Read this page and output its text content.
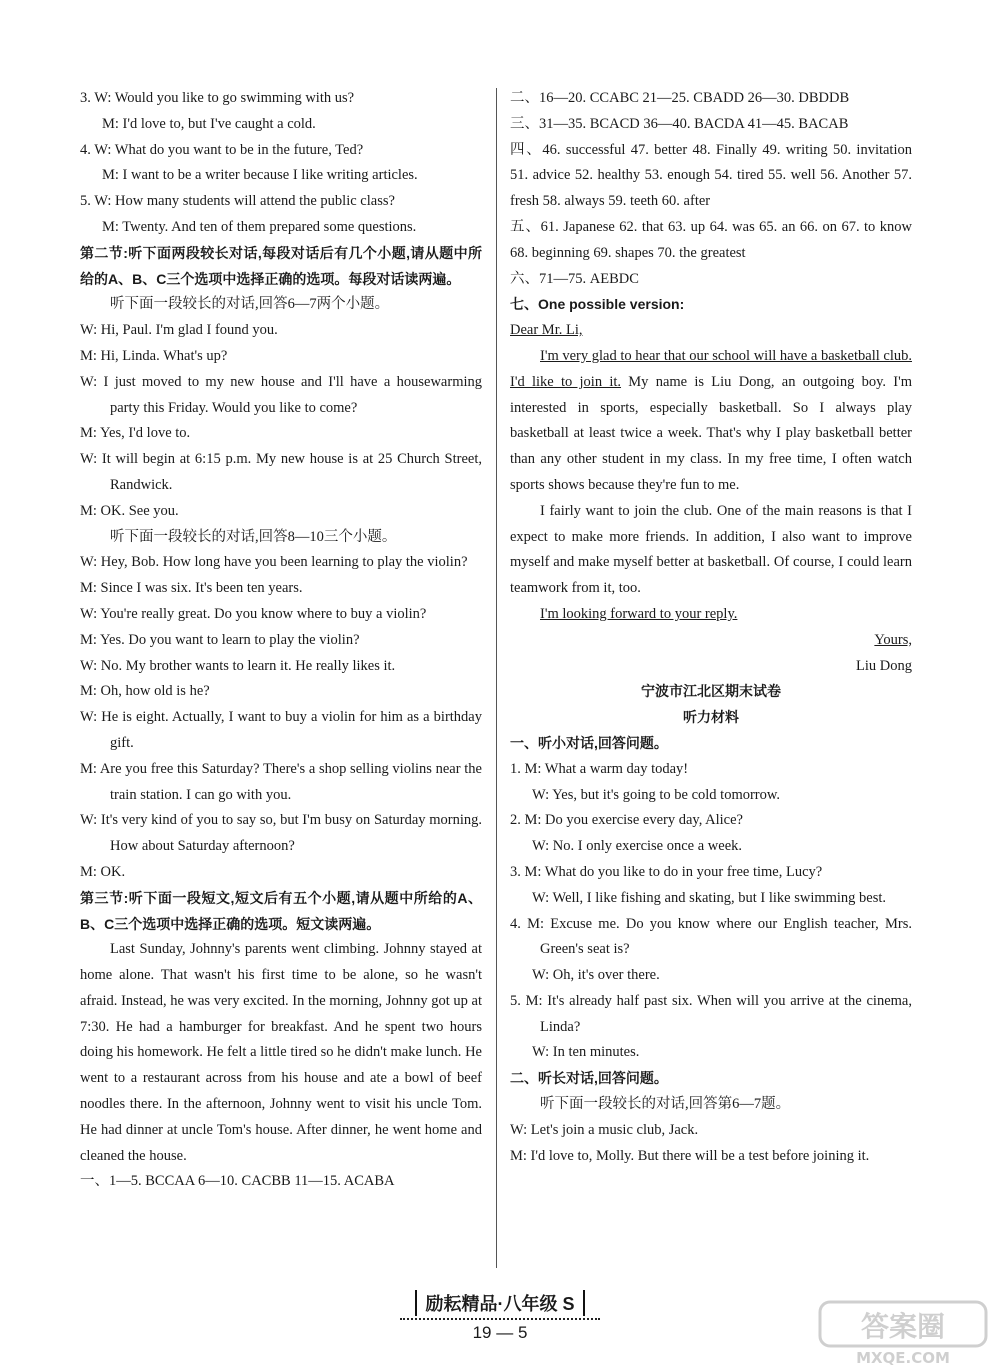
3. W: Would you like to go swimming with us?

M: I'd love to, but I've caught a cold.

4. W: What do you want to be in the future, Ted?

M: I want to be a writer because I like writing articles.

5. W: How many students will attend the public class?

M: Twenty. And ten of them prepared some questions.

第二节:听下面两段较长对话,每段对话后有几个小题,请从题中所给的A、B、C三个选项中选择正确的选项。每段对话读两遍。

听下面一段较长的对话,回答6—7两个小题。

W: Hi, Paul. I'm glad I found you.

M: Hi, Linda. What's up?

W: I just moved to my new house and I'll have a housewarming party this Friday. Would you like to come?

M: Yes, I'd love to.

W: It will begin at 6:15 p.m. My new house is at 25 Church Street, Randwick.

M: OK. See you.

听下面一段较长的对话,回答8—10三个小题。

W: Hey, Bob. How long have you been learning to play the violin?

M: Since I was six. It's been ten years.

W: You're really great. Do you know where to buy a violin?

M: Yes. Do you want to learn to play the violin?

W: No. My brother wants to learn it. He really likes it.

M: Oh, how old is he?

W: He is eight. Actually, I want to buy a violin for him as a birthday gift.

M: Are you free this Saturday? There's a shop selling violins near the train station. I can go with you.

W: It's very kind of you to say so, but I'm busy on Saturday morning. How about Saturday afternoon?

M: OK.

第三节:听下面一段短文,短文后有五个小题,请从题中所给的A、B、C三个选项中选择正确的选项。短文读两遍。

Last Sunday, Johnny's parents went climbing. Johnny stayed at home alone. That wasn't his first time to be alone, so he wasn't afraid. Instead, he was very excited. In the morning, Johnny got up at 7:30. He had a hamburger for breakfast. And he spent two hours doing his homework. He felt a little tired so he didn't make lunch. He went to a restaurant across from his house and ate a bowl of beef noodles there. In the afternoon, Johnny went to visit his uncle Tom. He had dinner at uncle Tom's house. After dinner, he went home and cleaned the house.

一、1—5. BCCAA 6—10. CACBB 11—15. ACABA

二、16—20. CCABC 21—25. CBADD 26—30. DBDDB

三、31—35. BCACD 36—40. BACDA 41—45. BACAB

四、46. successful 47. better 48. Finally 49. writing 50. invitation 51. advice 52. healthy 53. enough 54. tired 55. well 56. Another 57. fresh 58. always 59. teeth 60. after

五、61. Japanese 62. that 63. up 64. was 65. an 66. on 67. to know 68. beginning 69. shapes 70. the greatest

六、71—75. AEBDC

七、One possible version:

Dear Mr. Li,

I'm very glad to hear that our school will have a basketball club. I'd like to join it. My name is Liu Dong, an outgoing boy. I'm interested in sports, especially basketball. So I always play basketball at least twice a week. That's why I play basketball better than any other student in my class. In my free time, I often watch sports shows because they're fun to me.

I fairly want to join the club. One of the main reasons is that I expect to make more friends. In addition, I also want to improve myself and make myself better at basketball. Of course, I could learn teamwork from it, too.

I'm looking forward to your reply.

Yours,

Liu Dong

宁波市江北区期末试卷

听力材料

一、听小对话,回答问题。

1. M: What a warm day today!

W: Yes, but it's going to be cold tomorrow.

2. M: Do you exercise every day, Alice?

W: No. I only exercise once a week.

3. M: What do you like to do in your free time, Lucy?

W: Well, I like fishing and skating, but I like swimming best.

4. M: Excuse me. Do you know where our English teacher, Mrs. Green's seat is?

W: Oh, it's over there.

5. M: It's already half past six. When will you arrive at the cinema, Linda?

W: In ten minutes.

二、听长对话,回答问题。

听下面一段较长的对话,回答第6—7题。

W: Let's join a music club, Jack.

M: I'd love to, Molly. But there will be a test before joining it.

励耘精品·八年级 S
19 — 5	答案圈
MXQE.COM
